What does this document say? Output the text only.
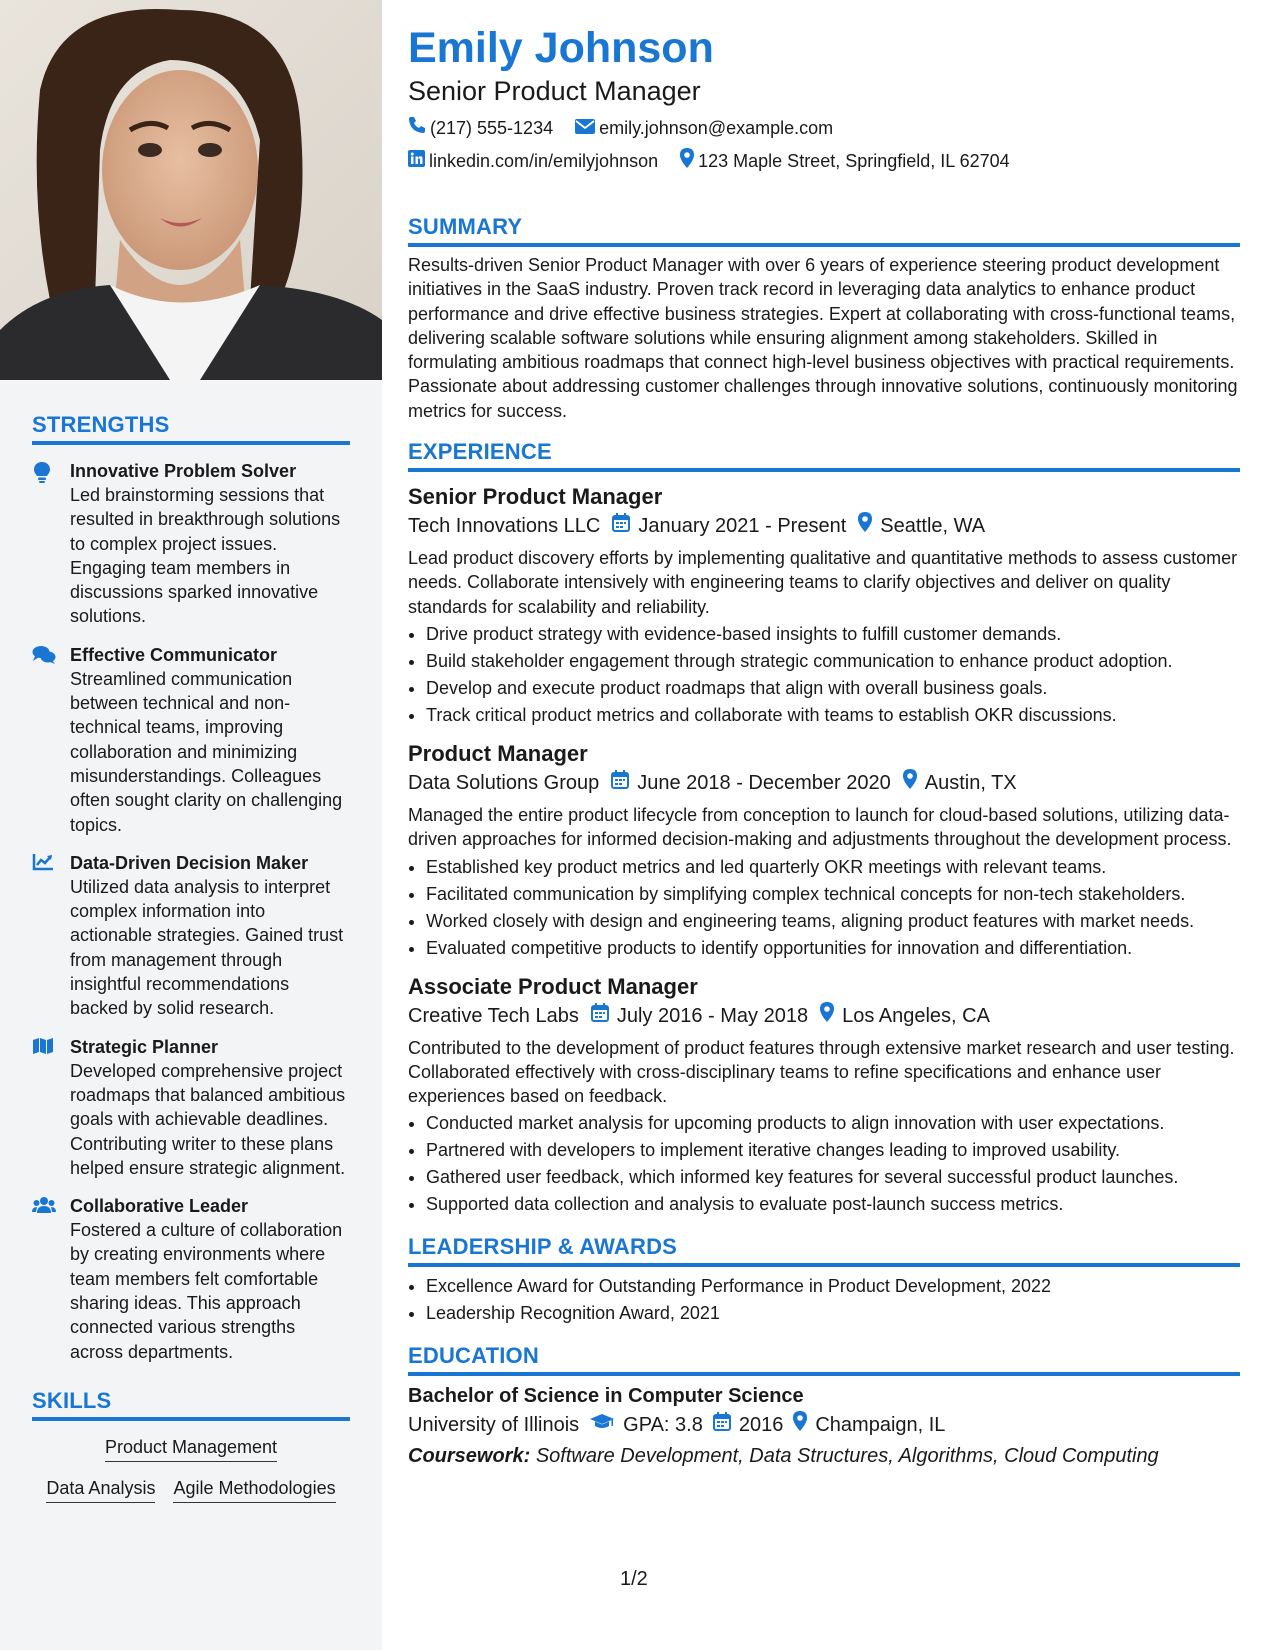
STRENGTHS
Innovative Problem Solver
Led brainstorming sessions that resulted in breakthrough solutions to complex project issues. Engaging team members in discussions sparked innovative solutions.
Effective Communicator
Streamlined communication between technical and non-technical teams, improving collaboration and minimizing misunderstandings. Colleagues often sought clarity on challenging topics.
Data-Driven Decision Maker
Utilized data analysis to interpret complex information into actionable strategies. Gained trust from management through insightful recommendations backed by solid research.
Strategic Planner
Developed comprehensive project roadmaps that balanced ambitious goals with achievable deadlines. Contributing writer to these plans helped ensure strategic alignment.
Collaborative Leader
Fostered a culture of collaboration by creating environments where team members felt comfortable sharing ideas. This approach connected various strengths across departments.
SKILLS
Product Management
Data Analysis Agile Methodologies
Emily Johnson
Senior Product Manager
(217) 555-1234	emily.johnson@example.com
linkedin.com/in/emilyjohnson 123 Maple Street, Springfield, IL 62704
SUMMARY

Results-driven Senior Product Manager with over 6 years of experience steering product development initiatives in the SaaS industry. Proven track record in leveraging data analytics to enhance product performance and drive effective business strategies. Expert at collaborating with cross-functional teams, delivering scalable software solutions while ensuring alignment among stakeholders. Skilled in formulating ambitious roadmaps that connect high-level business objectives with practical requirements. Passionate about addressing customer challenges through innovative solutions, continuously monitoring metrics for success.

EXPERIENCE
Senior Product Manager
Tech Innovations LLC January 2021 - Present Seattle, WA

Lead product discovery efforts by implementing qualitative and quantitative methods to assess customer needs. Collaborate intensively with engineering teams to clarify objectives and deliver on quality standards for scalability and reliability.

• Drive product strategy with evidence-based insights to fulfill customer demands.
• Build stakeholder engagement through strategic communication to enhance product adoption.
• Develop and execute product roadmaps that align with overall business goals.
• Track critical product metrics and collaborate with teams to establish OKR discussions.
Product Manager
Data Solutions Group June 2018 - December 2020 Austin, TX

Managed the entire product lifecycle from conception to launch for cloud-based solutions, utilizing data-driven approaches for informed decision-making and adjustments throughout the development process.

• Established key product metrics and led quarterly OKR meetings with relevant teams.
• Facilitated communication by simplifying complex technical concepts for non-tech stakeholders.
• Worked closely with design and engineering teams, aligning product features with market needs.
• Evaluated competitive products to identify opportunities for innovation and differentiation.
Associate Product Manager
Creative Tech Labs July 2016 - May 2018 Los Angeles, CA

Contributed to the development of product features through extensive market research and user testing. Collaborated effectively with cross-disciplinary teams to refine specifications and enhance user experiences based on feedback.

• Conducted market analysis for upcoming products to align innovation with user expectations.
• Partnered with developers to implement iterative changes leading to improved usability.
• Gathered user feedback, which informed key features for several successful product launches.
• Supported data collection and analysis to evaluate post-launch success metrics.
LEADERSHIP & AWARDS
• Excellence Award for Outstanding Performance in Product Development, 2022
• Leadership Recognition Award, 2021
EDUCATION
Bachelor of Science in Computer Science
University of Illinois GPA: 3.8 2016 Champaign, IL
Coursework: Software Development, Data Structures, Algorithms, Cloud Computing
1/2
